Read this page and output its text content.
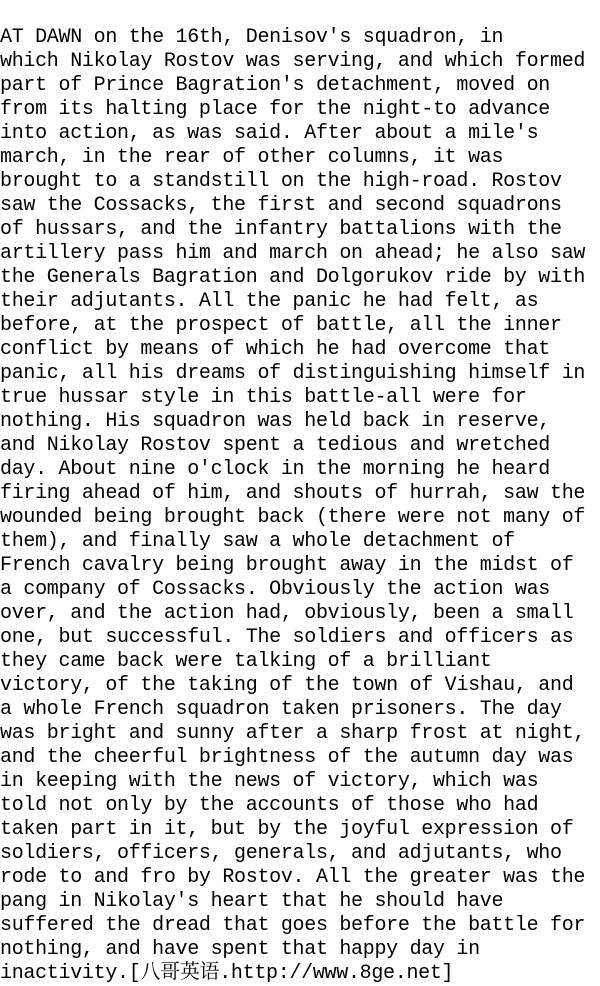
AT DAWN on the 16th, Denisov's squadron, in
which Nikolay Rostov was serving, and which formed
part of Prince Bagration's detachment, moved on
from its halting place for the night-to advance
into action, as was said. After about a mile's
march, in the rear of other columns, it was
brought to a standstill on the high-road. Rostov
saw the Cossacks, the first and second squadrons
of hussars, and the infantry battalions with the
artillery pass him and march on ahead; he also saw
the Generals Bagration and Dolgorukov ride by with
their adjutants. All the panic he had felt, as
before, at the prospect of battle, all the inner
conflict by means of which he had overcome that
panic, all his dreams of distinguishing himself in
true hussar style in this battle-all were for
nothing. His squadron was held back in reserve,
and Nikolay Rostov spent a tedious and wretched
day. About nine o'clock in the morning he heard
firing ahead of him, and shouts of hurrah, saw the
wounded being brought back (there were not many of
them), and finally saw a whole detachment of
French cavalry being brought away in the midst of
a company of Cossacks. Obviously the action was
over, and the action had, obviously, been a small
one, but successful. The soldiers and officers as
they came back were talking of a brilliant
victory, of the taking of the town of Vishau, and
a whole French squadron taken prisoners. The day
was bright and sunny after a sharp frost at night,
and the cheerful brightness of the autumn day was
in keeping with the news of victory, which was
told not only by the accounts of those who had
taken part in it, but by the joyful expression of
soldiers, officers, generals, and adjutants, who
rode to and fro by Rostov. All the greater was the
pang in Nikolay's heart that he should have
suffered the dread that goes before the battle for
nothing, and have spent that happy day in
inactivity.[八哥英语.http://www.8ge.net]
